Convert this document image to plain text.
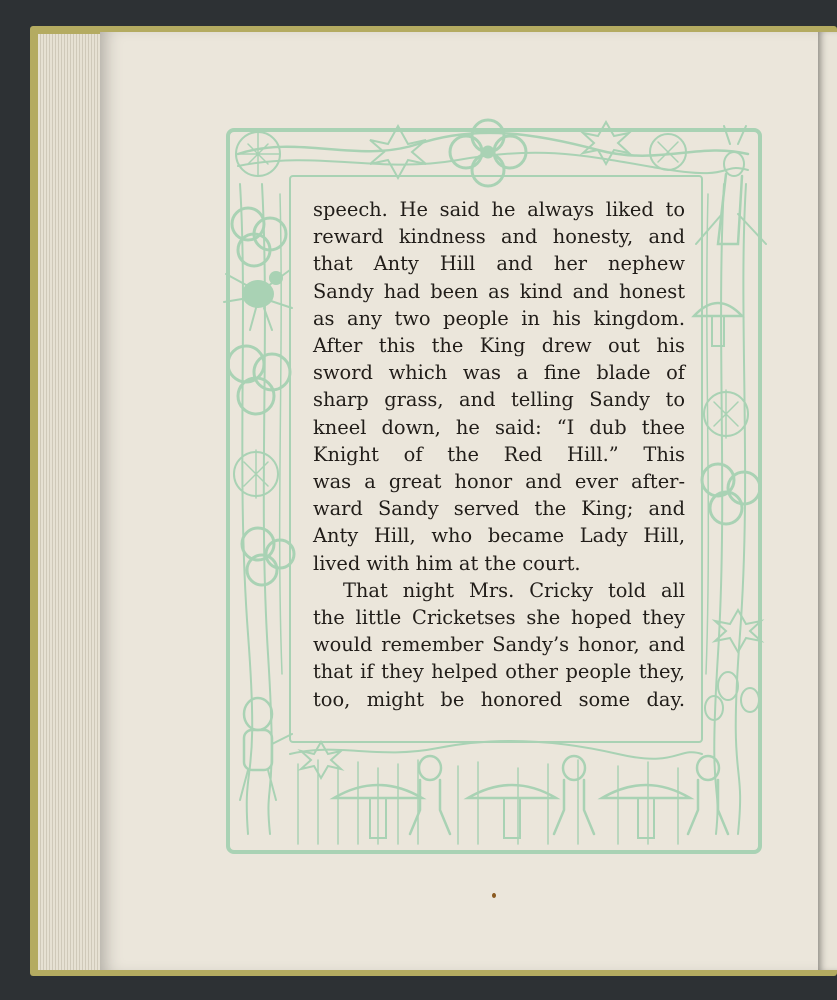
speech. He said he always liked to
reward kindness and honesty, and
that Anty Hill and her nephew
Sandy had been as kind and honest
as any two people in his kingdom.
After this the King drew out his
sword which was a fine blade of
sharp grass, and telling Sandy to
kneel down, he said: “I dub thee
Knight of the Red Hill.” This
was a great honor and ever after-
ward Sandy served the King; and
Anty Hill, who became Lady Hill,
lived with him at the court.

That night Mrs. Cricky told all
the little Cricketses she hoped they
would remember Sandy’s honor, and
that if they helped other people they,
too, might be honored some day.
